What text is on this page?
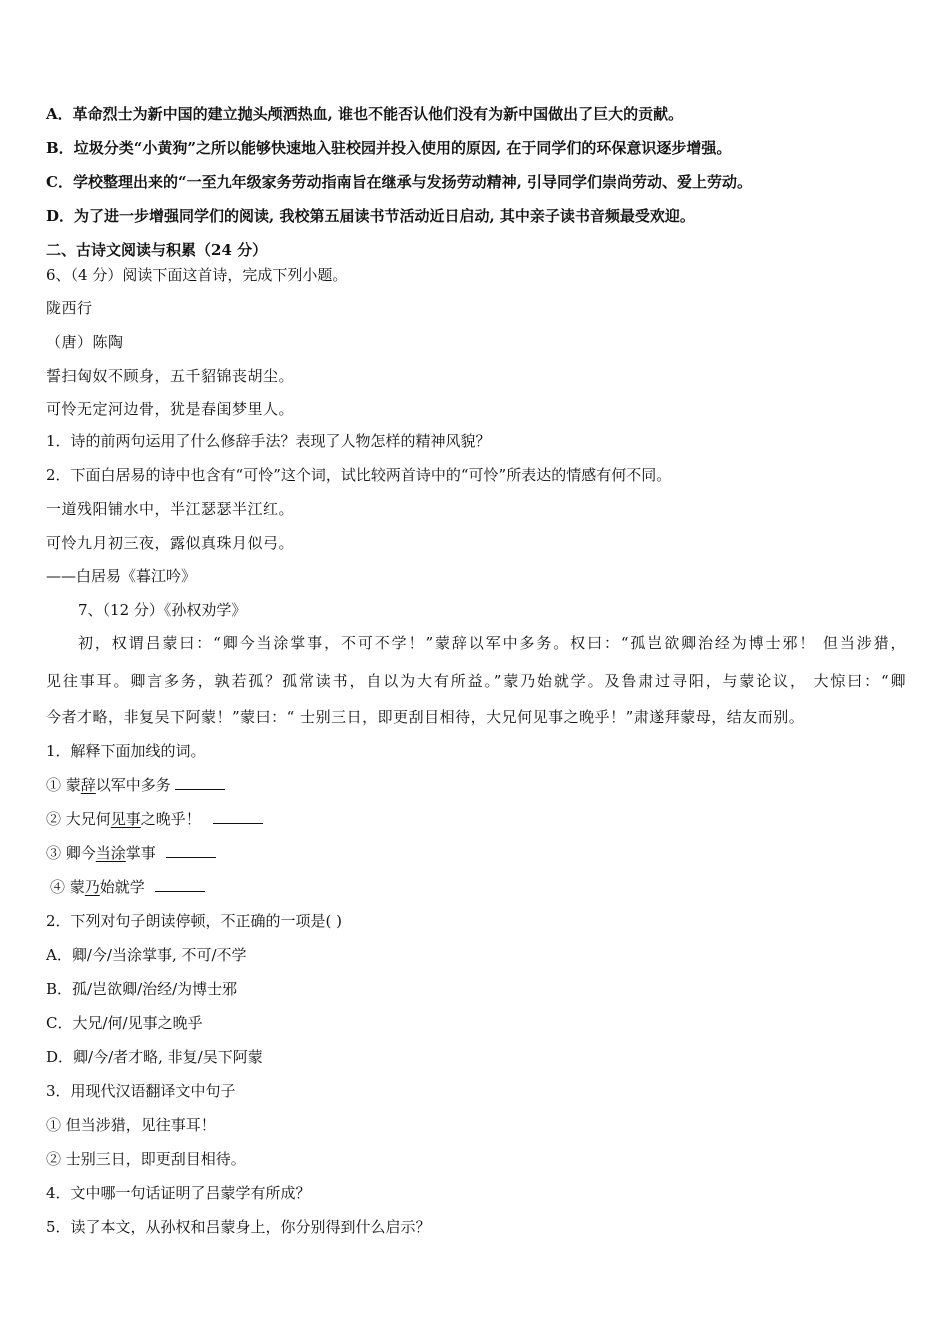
A．革命烈士为新中国的建立抛头颅洒热血, 谁也不能否认他们没有为新中国做出了巨大的贡献。
B．垃圾分类“小黄狗”之所以能够快速地入驻校园并投入使用的原因, 在于同学们的环保意识逐步增强。
C．学校整理出来的“一至九年级家务劳动指南旨在继承与发扬劳动精神, 引导同学们崇尚劳动、爱上劳动。
D．为了进一步增强同学们的阅读, 我校第五届读书节活动近日启动, 其中亲子读书音频最受欢迎。
二、古诗文阅读与积累（24 分）
6、（4 分）阅读下面这首诗，完成下列小题。
陇西行
（唐）陈陶
誓扫匈奴不顾身，五千貂锦丧胡尘。
可怜无定河边骨，犹是春闺梦里人。
1．诗的前两句运用了什么修辞手法？表现了人物怎样的精神风貌？
2．下面白居易的诗中也含有“可怜”这个词，试比较两首诗中的“可怜”所表达的情感有何不同。
一道残阳铺水中，半江瑟瑟半江红。
可怜九月初三夜，露似真珠月似弓。
——白居易《暮江吟》
7、（12 分）《孙权劝学》
初，权谓吕蒙曰：“卿今当涂掌事，不可不学！”蒙辞以军中多务。权曰：“孤岂欲卿治经为博士邪！ 但当涉猎，
见往事耳。卿言多务，孰若孤？孤常读书，自以为大有所益。”蒙乃始就学。及鲁肃过寻阳，与蒙论议， 大惊曰：“卿
今者才略，非复吴下阿蒙！”蒙曰：“ 士别三日，即更刮目相待，大兄何见事之晚乎！”肃遂拜蒙母，结友而别。
1．解释下面加线的词。
① 蒙辞以军中多务
② 大兄何见事之晚乎！
③ 卿今当涂掌事
④ 蒙乃始就学
2．下列对句子朗读停顿，不正确的一项是( )
A．卿/今/当涂掌事, 不可/不学
B．孤/岂欲卿/治经/为博士邪
C．大兄/何/见事之晚乎
D．卿/今/者才略, 非复/吴下阿蒙
3．用现代汉语翻译文中句子
① 但当涉猎，见往事耳！
② 士别三日，即更刮目相待。
4．文中哪一句话证明了吕蒙学有所成？
5．读了本文，从孙权和吕蒙身上，你分别得到什么启示？
